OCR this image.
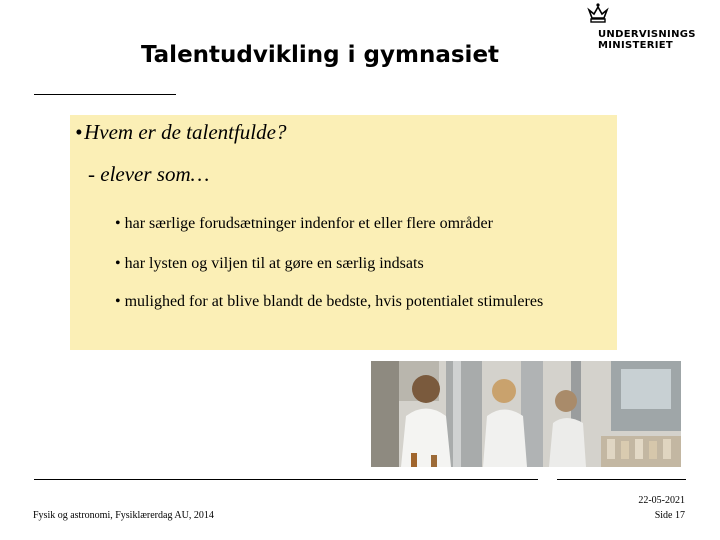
Talentudvikling i gymnasiet
UNDERVISNINGS
MINISTERIET
• Hvem er de talentfulde?
- elever som…
• har særlige forudsætninger indenfor et eller flere områder
• har lysten og viljen til at gøre en særlig indsats
• mulighed for at blive blandt de bedste, hvis potentialet stimuleres
Fysik og astronomi, Fysiklærerdag AU, 2014
22-05-2021
Side 17
